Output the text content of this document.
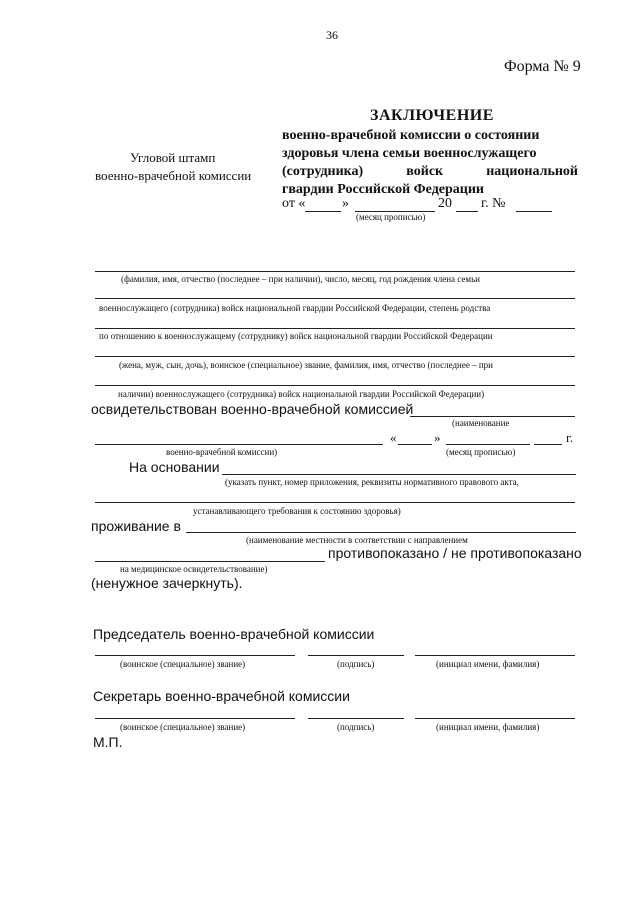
36
Форма № 9
Угловой штамп
военно-врачебной комиссии
ЗАКЛЮЧЕНИЕ
военно-врачебной комиссии о состоянии
здоровья члена семьи военнослужащего
(сотрудника)	войск	национальной
гвардии Российской Федерации
от «	»	20 г. №
(месяц прописью)
(фамилия, имя, отчество (последнее – при наличии), число, месяц, год рождения члена семьи
военнослужащего (сотрудника) войск национальной гвардии Российской Федерации, степень родства
по отношению к военнослужащему (сотруднику) войск национальной гвардии Российской Федерации
(жена, муж, сын, дочь), воинское (специальное) звание, фамилия, имя, отчество (последнее – при
наличии) военнослужащего (сотрудника) войск национальной гвардии Российской Федерации)
освидетельствован военно-врачебной комиссией
(наименование
«	»	г.
военно-врачебной комиссии)	(месяц прописью)
На основании
(указать пункт, номер приложения, реквизиты нормативного правового акта,
устанавливающего требования к состоянию здоровья)
проживание в
(наименование местности в соответствии с направлением
противопоказано / не противопоказано
на медицинское освидетельствование)
(ненужное зачеркнуть).
Председатель военно-врачебной комиссии
(воинское (специальное) звание)	(подпись)	(инициал имени, фамилия)
Секретарь военно-врачебной комиссии
(воинское (специальное) звание)	(подпись)	(инициал имени, фамилия)
М.П.
